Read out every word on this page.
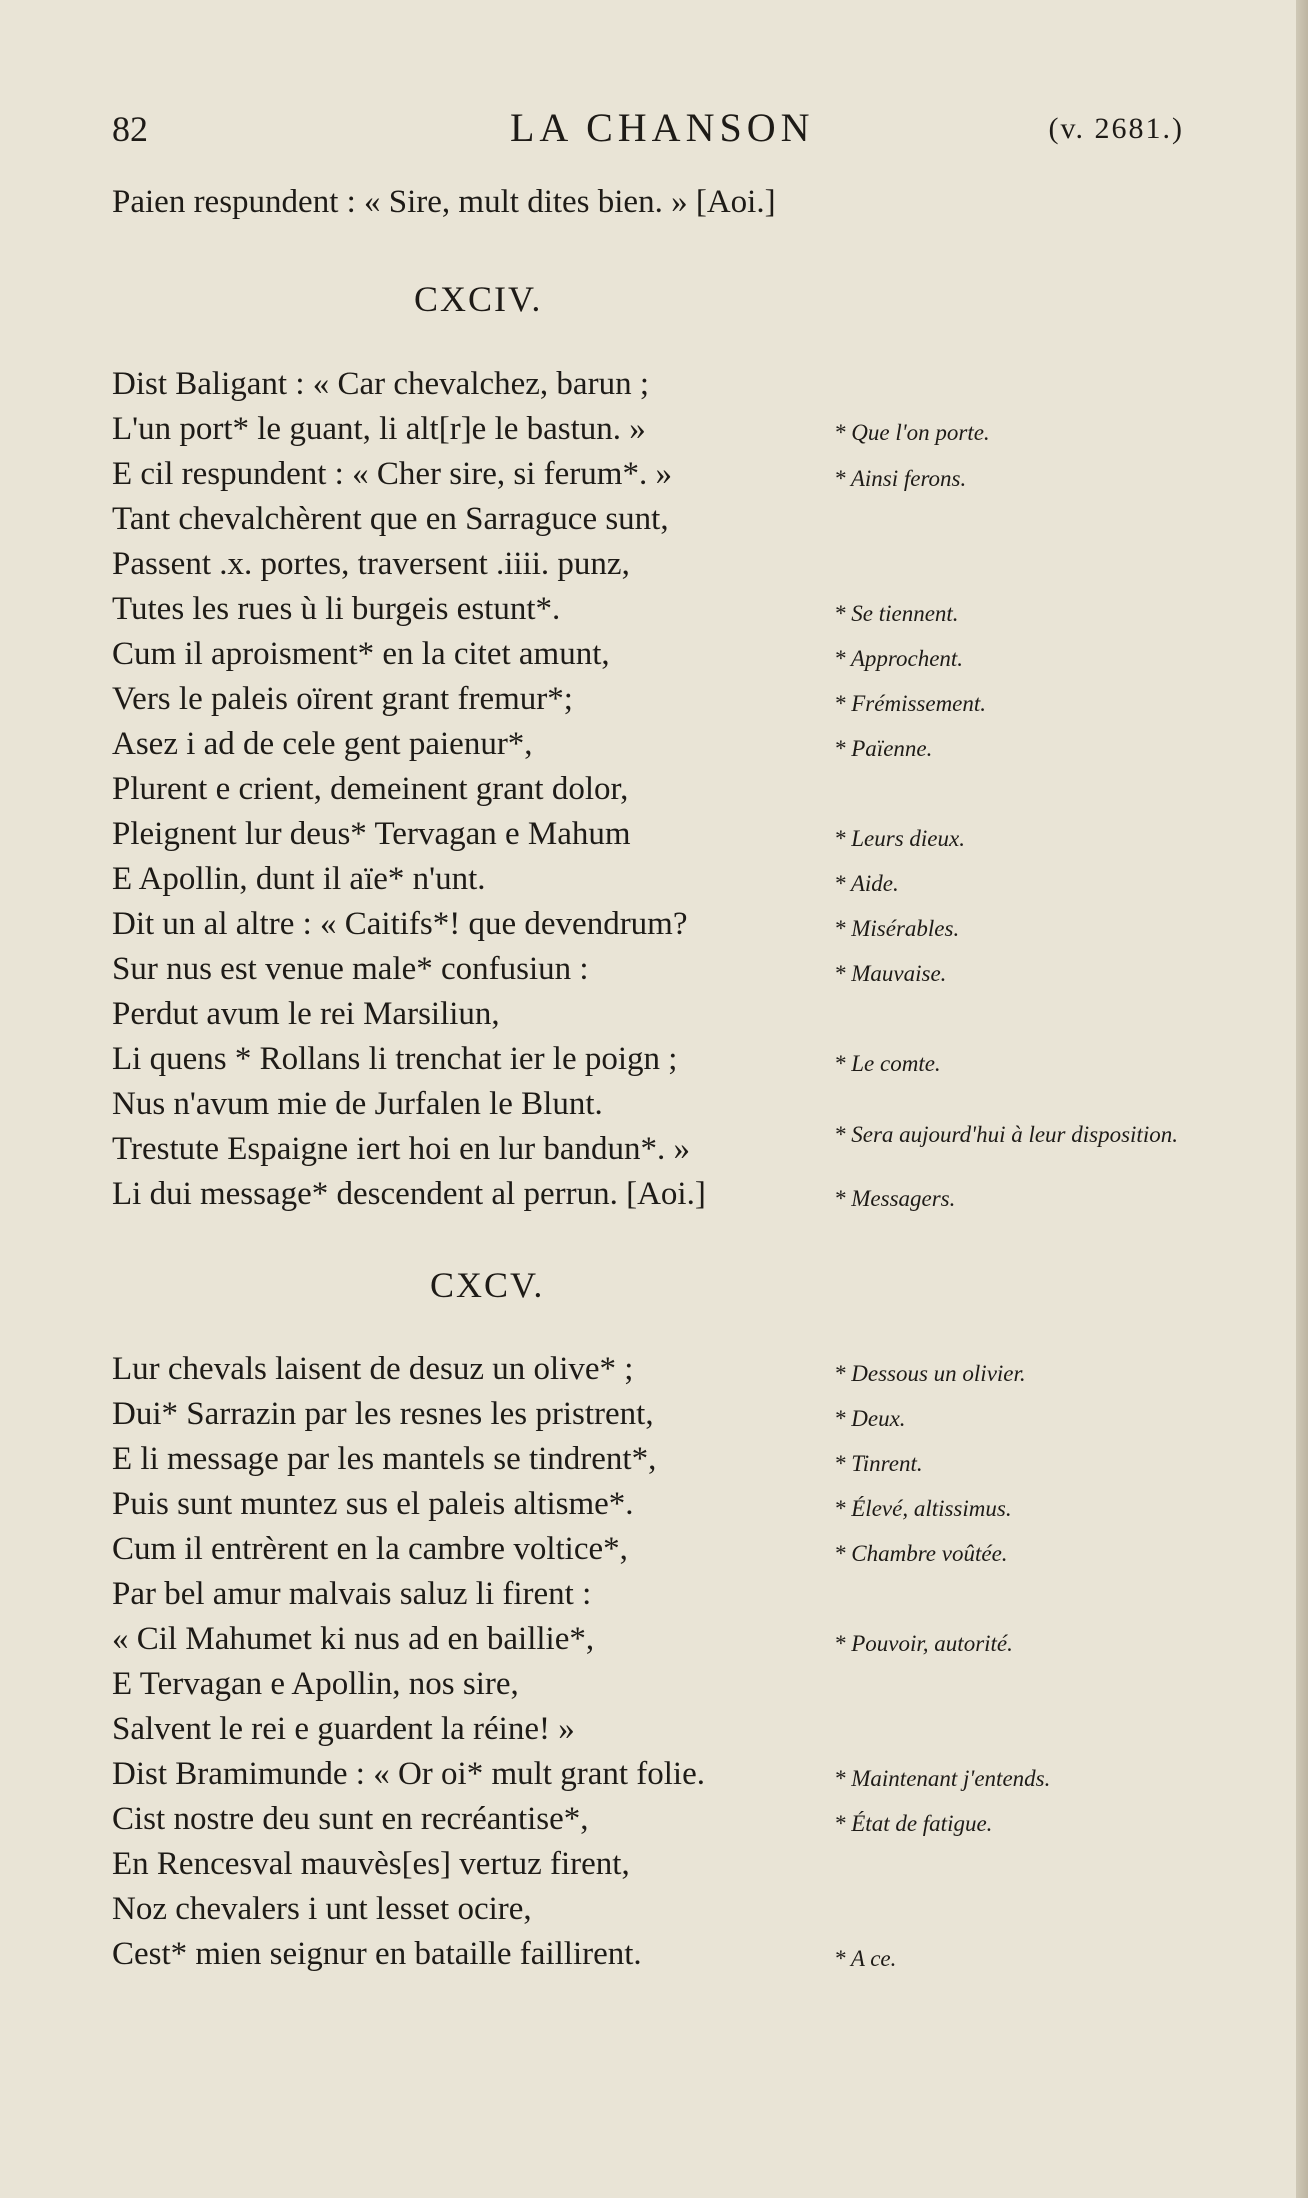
82	LA CHANSON	(v. 2681.)
Paien respundent : « Sire, mult dites bien. » [Aoi.]
CXCIV.
Dist Baligant : « Car chevalchez, barun ;
L'un port* le guant, li alt[r]e le bastun. »
E cil respundent : « Cher sire, si ferum*. »
Tant chevalchèrent que en Sarraguce sunt,
Passent .x. portes, traversent .iiii. punz,
Tutes les rues ù li burgeis estunt*.
Cum il aproisment* en la citet amunt,
Vers le paleis oïrent grant fremur*;
Asez i ad de cele gent paienur*,
Plurent e crient, demeinent grant dolor,
Pleignent lur deus* Tervagan e Mahum
E Apollin, dunt il aïe* n'unt.
Dit un al altre : « Caitifs*! que devendrum?
Sur nus est venue male* confusiun :
Perdut avum le rei Marsiliun,
Li quens * Rollans li trenchat ier le poign ;
Nus n'avum mie de Jurfalen le Blunt.
Trestute Espaigne iert hoi en lur bandun*. »
Li dui message* descendent al perrun. [Aoi.]
* Que l'on porte.
* Ainsi ferons.
* Se tiennent.
* Approchent.
* Frémissement.
* Païenne.
* Leurs dieux.
* Aide.
* Misérables.
* Mauvaise.
* Le comte.
* Sera aujourd'hui à leur disposition.
* Messagers.
CXCV.
Lur chevals laisent de desuz un olive* ;
Dui* Sarrazin par les resnes les pristrent,
E li message par les mantels se tindrent*,
Puis sunt muntez sus el paleis altisme*.
Cum il entrèrent en la cambre voltice*,
Par bel amur malvais saluz li firent :
« Cil Mahumet ki nus ad en baillie*,
E Tervagan e Apollin, nos sire,
Salvent le rei e guardent la réine! »
Dist Bramimunde : « Or oi* mult grant folie.
Cist nostre deu sunt en recréantise*,
En Rencesval mauvès[es] vertuz firent,
Noz chevalers i unt lesset ocire,
Cest* mien seignur en bataille faillirent.
* Dessous un olivier.
* Deux.
* Tinrent.
* Élevé, altissimus.
* Chambre voûtée.
* Pouvoir, autorité.
* Maintenant j'entends.
* État de fatigue.
* A ce.
